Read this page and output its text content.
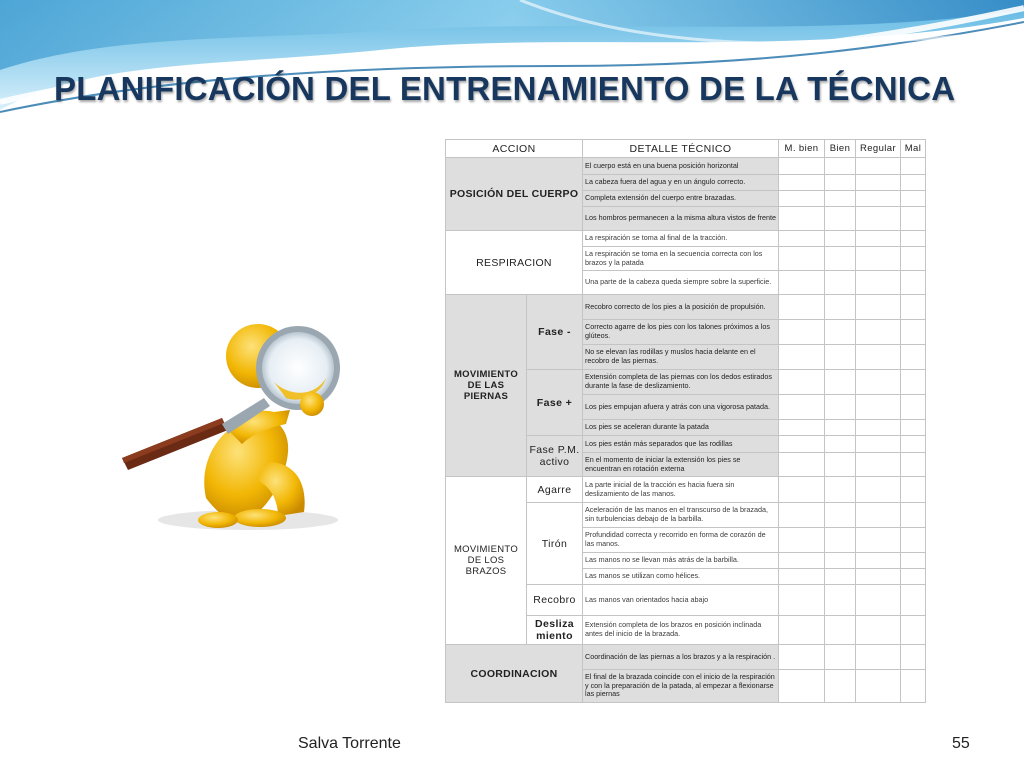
PLANIFICACIÓN DEL ENTRENAMIENTO DE LA TÉCNICA
ACCION		DETALLE TÉCNICO	M. bien	Bien	Regular	Mal
POSICIÓN DEL CUERPO		El cuerpo está en una buena posición horizontal				
		La cabeza fuera del agua y en un ángulo correcto.				
		Completa extensión del cuerpo entre brazadas.				
		Los hombros permanecen a la misma altura vistos de frente				
RESPIRACION		La respiración se toma al final de la tracción.				
		La respiración se toma en la secuencia correcta con los brazos y la patada				
		Una parte de la cabeza queda siempre sobre la superficie.				
MOVIMIENTO DE LAS PIERNAS	Fase -	Recobro correcto de los pies a la posición de propulsión.				
		Correcto agarre de los pies con los talones próximos a los glúteos.				
		No se elevan las rodillas y muslos hacia delante en el recobro de las piernas.				
	Fase +	Extensión completa de las piernas con los dedos estirados durante la fase de deslizamiento.				
		Los pies empujan afuera y atrás con una vigorosa patada.				
		Los pies se aceleran durante la patada				
	Fase P.M. activo	Los pies están más separados que las rodillas				
		En el momento de iniciar la extensión los pies se encuentran en rotación externa				
MOVIMIENTO DE LOS BRAZOS	Agarre	La parte inicial de la tracción es hacia fuera sin deslizamiento de las manos.				
	Tirón	Aceleración de las manos en el transcurso de la brazada, sin turbulencias debajo de la barbilla.				
		Profundidad correcta y recorrido en forma de corazón de las manos.				
		Las manos no se llevan más atrás de la barbilla.				
		Las manos se utilizan como hélices.				
	Recobro	Las manos van orientados hacia abajo				
	Desliza miento	Extensión completa de los brazos en posición inclinada antes del inicio de la brazada.				
COORDINACION		Coordinación de las piernas a los brazos y a la respiración .				
		El final de la brazada coincide con el inicio de la respiración y con la preparación de la patada, al empezar a flexionarse las piernas				
Salva Torrente	55
